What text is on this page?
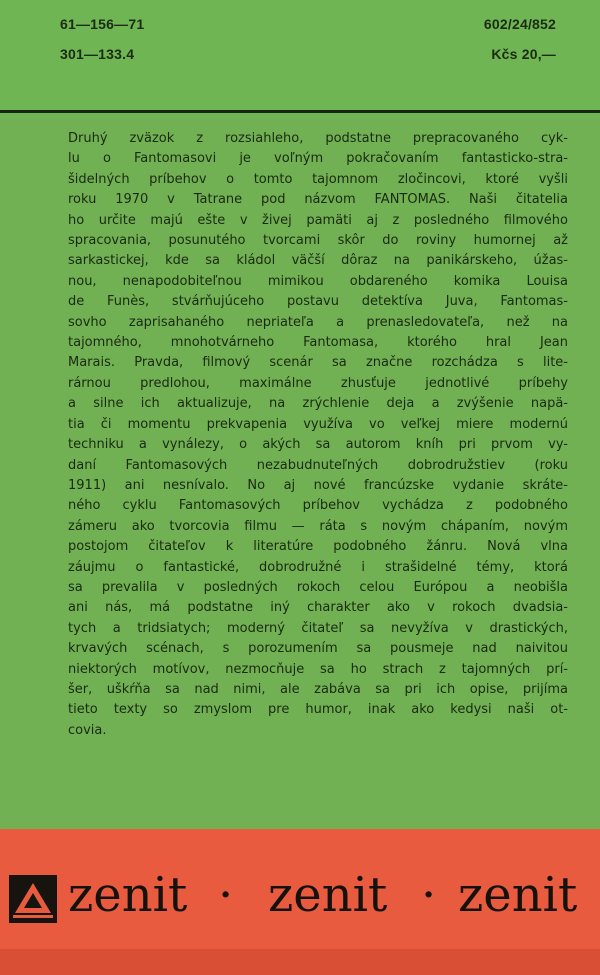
61—156—71
301—133.4
602/24/852
Kčs 20,—
Druhý zväzok z rozsiahleho, podstatne prepracovaného cyk-
lu o Fantomasovi je voľným pokračovaním fantasticko-stra-
šidelných príbehov o tomto tajomnom zločincovi, ktoré vyšli
roku 1970 v Tatrane pod názvom FANTOMAS. Naši čitatelia
ho určite majú ešte v živej pamäti aj z posledného filmového
spracovania, posunutého tvorcami skôr do roviny humornej až
sarkastickej, kde sa kládol väčší dôraz na panikárskeho, úžas-
nou, nenapodobiteľnou mimikou obdareného komika Louisa
de Funès, stvárňujúceho postavu detektíva Juva, Fantomas-
sovho zaprisahaného nepriateľa a prenasledovateľa, než na
tajomného, mnohotvárneho Fantomasa, ktorého hral Jean
Marais. Pravda, filmový scenár sa značne rozchádza s lite-
rárnou predlohou, maximálne zhusťuje jednotlivé príbehy
a silne ich aktualizuje, na zrýchlenie deja a zvýšenie napä-
tia či momentu prekvapenia využíva vo veľkej miere modernú
techniku a vynálezy, o akých sa autorom kníh pri prvom vy-
daní Fantomasových nezabudnuteľných dobrodružstiev (roku
1911) ani nesnívalo. No aj nové francúzske vydanie skráte-
ného cyklu Fantomasových príbehov vychádza z podobného
zámeru ako tvorcovia filmu — ráta s novým chápaním, novým
postojom čitateľov k literatúre podobného žánru. Nová vlna
záujmu o fantastické, dobrodružné i strašidelné témy, ktorá
sa prevalila v posledných rokoch celou Európou a neobišla
ani nás, má podstatne iný charakter ako v rokoch dvadsia-
tych a tridsiatych; moderný čitateľ sa nevyžíva v drastických,
krvavých scénach, s porozumením sa pousmeje nad naivitou
niektorých motívov, nezmocňuje sa ho strach z tajomných prí-
šer, uškŕňa sa nad nimi, ale zabáva sa pri ich opise, prijíma
tieto texty so zmyslom pre humor, inak ako kedysi naši ot-
covia.
zenit · zenit · zenit
